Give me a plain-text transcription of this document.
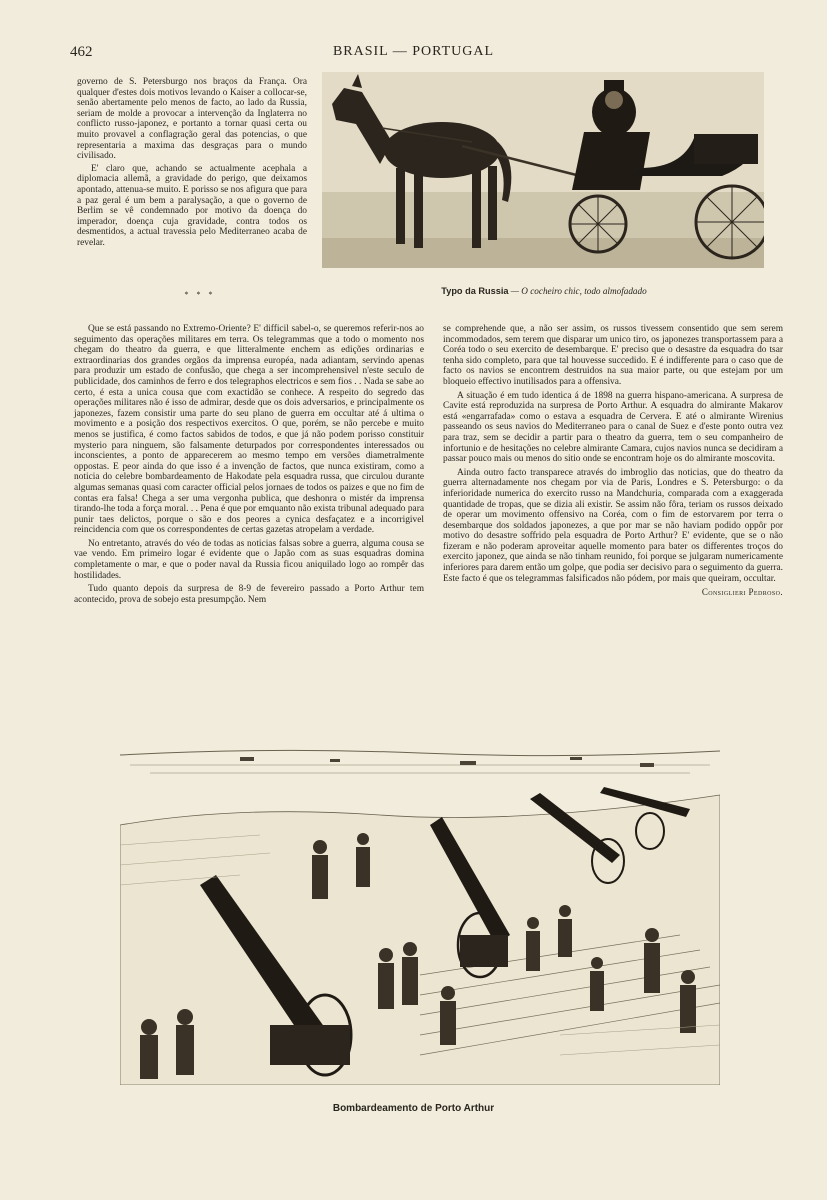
462	BRASIL — PORTUGAL

governo de S. Petersburgo nos braços da França. Ora qualquer d'estes dois motivos levando o Kaiser a collocar-se, senão abertamente pelo menos de facto, ao lado da Russia, seriam de molde a provocar a intervenção da Inglaterra no conflicto russo-japonez, e portanto a tornar quasi certa ou muito provavel a conflagração geral das potencias, o que representaria a maxima das desgraças para o mundo civilisado.

E' claro que, achando se actualmente acephala a diplomacia allemã, a gravidade do perigo, que deixamos apontado, attenua-se muito. E porisso se nos afigura que para a paz geral é um bem a paralysação, a que o governo de Berlim se vê condemnado por motivo da doença do imperador, doença cuja gravidade, contra todos os desmentidos, a actual travessia pelo Mediterraneo acaba de revelar.

* * *	Typo da Russia — O cocheiro chic, todo almofadado

Que se está passando no Extremo-Oriente? E' difficil sabel-o, se queremos referir-nos ao seguimento das operações militares em terra. Os telegrammas que a todo o momento nos chegam do theatro da guerra, e que litteralmente enchem as edições ordinarias e extraordinarias dos grandes orgãos da imprensa européa, nada adiantam, servindo apenas para produzir um estado de confusão, que chega a ser incomprehensivel n'este seculo de publicidade, dos caminhos de ferro e dos telegraphos electricos e sem fios . . Nada se sabe ao certo, é esta a unica cousa que com exactidão se conhece. A respeito do segredo das operações militares não é isso de admirar, desde que os dois adversarios, e principalmente os japonezes, fazem consistir uma parte do seu plano de guerra em occultar até á ultima o movimento e a posição dos respectivos exercitos. O que, porém, se não percebe e muito menos se justifica, é como factos sabidos de todos, e que já não podem porisso constituir mysterio para ninguem, são falsamente deturpados por correspondentes interessados ou inconscientes, a ponto de apparecerem ao mesmo tempo em versões diametralmente oppostas. E peor ainda do que isso é a invenção de factos, que nunca existiram, como a noticia do celebre bombardeamento de Hakodate pela esquadra russa, que circulou durante algumas semanas quasi com caracter official pelos jornaes de todos os paizes e que no fim de contas era falsa! Chega a ser uma vergonha publica, que deshonra o mistér da imprensa tirando-lhe toda a força moral. . . Pena é que por emquanto não exista tribunal adequado para punir taes delictos, porque o são e dos peores a cynica desfaçatez e a incorrigivel reincidencia com que os correspondentes de certas gazetas atropelam a verdade.

No entretanto, através do véo de todas as noticias falsas sobre a guerra, alguma cousa se vae vendo. Em primeiro logar é evidente que o Japão com as suas esquadras domina completamente o mar, e que o poder naval da Russia ficou aniquilado logo ao rompêr das hostilidades.

Tudo quanto depois da surpresa de 8-9 de fevereiro passado a Porto Arthur tem acontecido, prova de sobejo esta presumpção. Nem

se comprehende que, a não ser assim, os russos tivessem consentido que sem serem incommodados, sem terem que disparar um unico tiro, os japonezes transportassem para a Coréa todo o seu exercito de desembarque. E' preciso que o desastre da esquadra do tsar tenha sido completo, para que tal houvesse succedido. E é indifferente para o caso que de facto os navios se encontrem destruidos na sua maior parte, ou que estejam por um bloqueio effectivo inutilisados para a offensiva.

A situação é em tudo identica á de 1898 na guerra hispano-americana. A surpresa de Cavite está reproduzida na surpresa de Porto Arthur. A esquadra do almirante Makarov está «engarrafada» como o estava a esquadra de Cervera. E até o almirante Wirenius passeando os seus navios do Mediterraneo para o canal de Suez e d'este ponto outra vez para traz, sem se decidir a partir para o theatro da guerra, tem o seu companheiro de infortunio e de hesitações no celebre almirante Camara, cujos navios nunca se decidiram a passar pouco mais ou menos do sitio onde se encontram hoje os do almirante moscovita.

Ainda outro facto transparece através do imbroglio das noticias, que do theatro da guerra alternadamente nos chegam por via de Paris, Londres e S. Petersburgo: o da inferioridade numerica do exercito russo na Mandchuria, comparada com a exaggerada quantidade de tropas, que se dizia ali existir. Se assim não fôra, teriam os russos deixado de operar um movimento offensivo na Coréa, com o fim de estorvarem por terra o desembarque dos soldados japonezes, a que por mar se não haviam podido oppôr por motivo do desastre soffrido pela esquadra de Porto Arthur? E' evidente, que se o não fizeram e não poderam aproveitar aquelle momento para bater os differentes troços do exercito japonez, que ainda se não tinham reunido, foi porque se julgaram numericamente inferiores para darem então um golpe, que podia ser decisivo para o seguimento da guerra. Este facto é que os telegrammas falsificados não pódem, por mais que queiram, occultar.

Consiglieri Pedroso.
Bombardeamento de Porto Arthur
